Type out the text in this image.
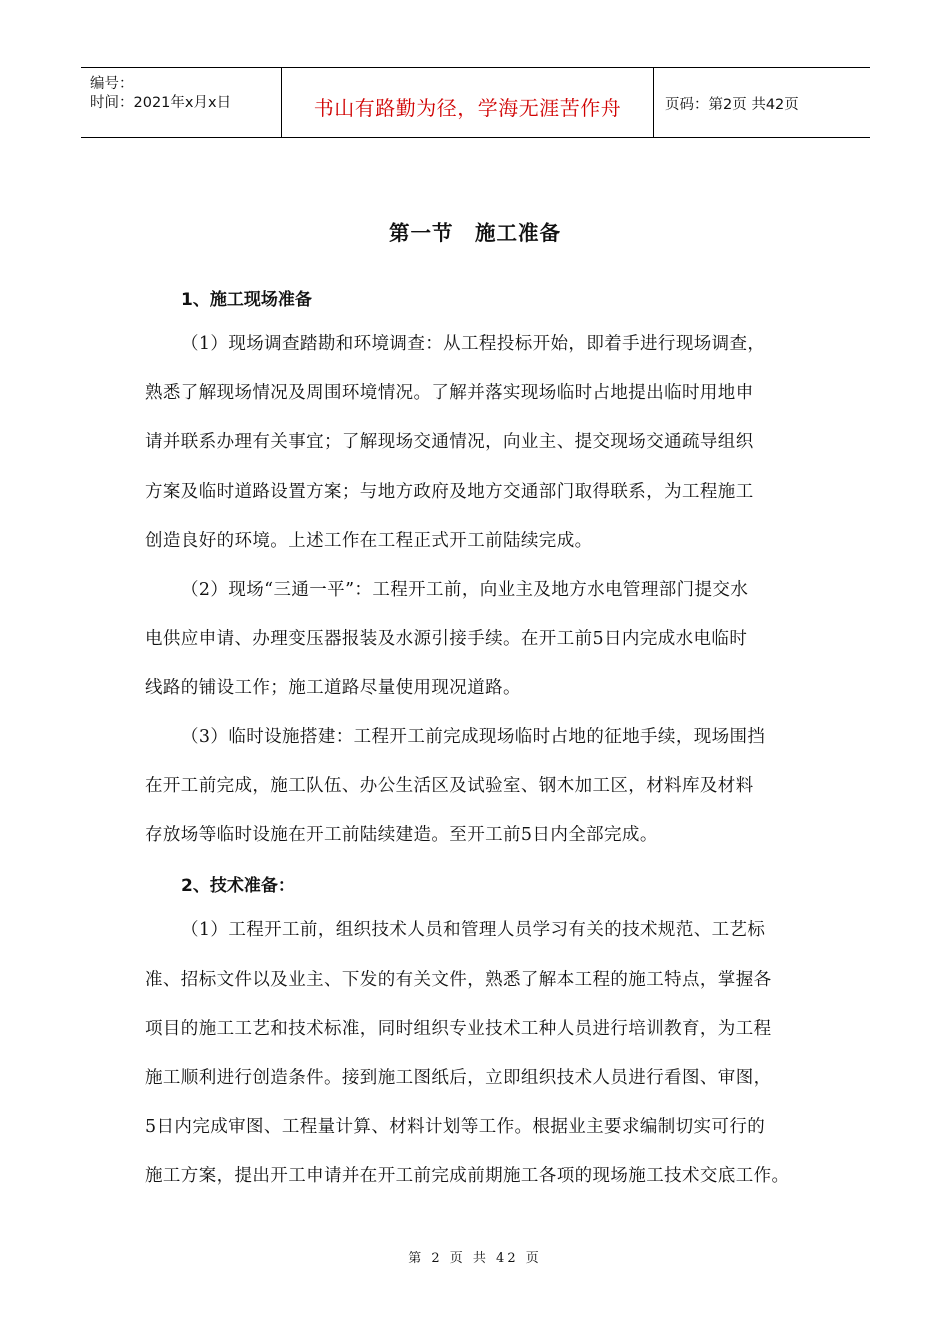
编号：
时间：2021年x月x日	书山有路勤为径，学海无涯苦作舟	页码：第2页 共42页
第一节　施工准备
1、施工现场准备
（1）现场调查踏勘和环境调查：从工程投标开始，即着手进行现场调查，
熟悉了解现场情况及周围环境情况。了解并落实现场临时占地提出临时用地申
请并联系办理有关事宜；了解现场交通情况，向业主、提交现场交通疏导组织
方案及临时道路设置方案；与地方政府及地方交通部门取得联系，为工程施工
创造良好的环境。上述工作在工程正式开工前陆续完成。
（2）现场“三通一平”：工程开工前，向业主及地方水电管理部门提交水
电供应申请、办理变压器报装及水源引接手续。在开工前5日内完成水电临时
线路的铺设工作；施工道路尽量使用现况道路。
（3）临时设施搭建：工程开工前完成现场临时占地的征地手续，现场围挡
在开工前完成，施工队伍、办公生活区及试验室、钢木加工区，材料库及材料
存放场等临时设施在开工前陆续建造。至开工前5日内全部完成。
2、技术准备：
（1）工程开工前，组织技术人员和管理人员学习有关的技术规范、工艺标
准、招标文件以及业主、下发的有关文件，熟悉了解本工程的施工特点，掌握各
项目的施工工艺和技术标准，同时组织专业技术工种人员进行培训教育，为工程
施工顺利进行创造条件。接到施工图纸后，立即组织技术人员进行看图、审图，
5日内完成审图、工程量计算、材料计划等工作。根据业主要求编制切实可行的
施工方案，提出开工申请并在开工前完成前期施工各项的现场施工技术交底工作。
第 2 页 共 42 页
